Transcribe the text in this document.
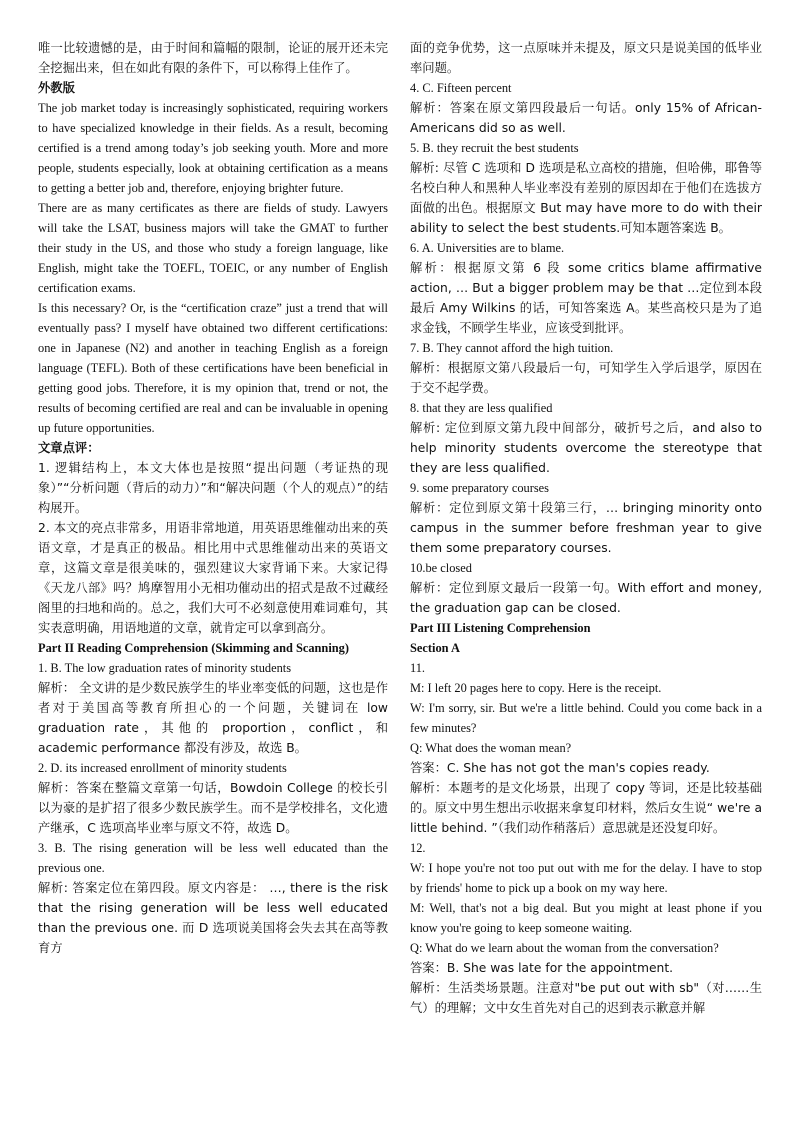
唯一比较遗憾的是，由于时间和篇幅的限制，论证的展开还未完全挖掘出来，但在如此有限的条件下，可以称得上佳作了。

外教版

The job market today is increasingly sophisticated, requiring workers to have specialized knowledge in their fields. As a result, becoming certified is a trend among today’s job seeking youth. More and more people, students especially, look at obtaining certification as a means to getting a better job and, therefore, enjoying brighter future.

There are as many certificates as there are fields of study. Lawyers will take the LSAT, business majors will take the GMAT to further their study in the US, and those who study a foreign language, like English, might take the TOEFL, TOEIC, or any number of English certification exams.

Is this necessary? Or, is the “certification craze” just a trend that will eventually pass? I myself have obtained two different certifications: one in Japanese (N2) and another in teaching English as a foreign language (TEFL). Both of these certifications have been beneficial in getting good jobs. Therefore, it is my opinion that, trend or not, the results of becoming certified are real and can be invaluable in opening up future opportunities.

文章点评：

1. 逻辑结构上，本文大体也是按照“提出问题（考证热的现象）”“分析问题（背后的动力）”和“解决问题（个人的观点）”的结构展开。

2. 本文的亮点非常多，用语非常地道，用英语思维催动出来的英语文章，才是真正的极品。相比用中式思维催动出来的英语文章，这篇文章是很美味的，强烈建议大家背诵下来。大家记得《天龙八部》吗？鸠摩智用小无相功催动出的招式是敌不过藏经阁里的扫地和尚的。总之，我们大可不必刻意使用难词难句，其实表意明确，用语地道的文章，就肯定可以拿到高分。

Part II Reading Comprehension (Skimming and Scanning)

1. B. The low graduation rates of minority students

解析： 全文讲的是少数民族学生的毕业率变低的问题，这也是作者对于美国高等教育所担心的一个问题，关键词在 low graduation rate，其他的 proportion，conflict，和 academic performance 都没有涉及，故选 B。

2. D. its increased enrollment of minority students

解析：答案在整篇文章第一句话，Bowdoin College 的校长引以为豪的是扩招了很多少数民族学生。而不是学校排名，文化遗产继承，C 选项高毕业率与原文不符，故选 D。

3. B. The rising generation will be less well educated than the previous one.

解析: 答案定位在第四段。原文内容是： …, there is the risk that the rising generation will be less well educated than the previous one. 而 D 选项说美国将会失去其在高等教育方

面的竞争优势，这一点原味并未提及，原文只是说美国的低毕业率问题。

4. C. Fifteen percent

解析：答案在原文第四段最后一句话。only 15% of African-Americans did so as well.

5. B. they recruit the best students

解析: 尽管 C 选项和 D 选项是私立高校的措施，但哈佛，耶鲁等名校白种人和黑种人毕业率没有差别的原因却在于他们在选拔方面做的出色。根据原文 But may have more to do with their ability to select the best students.可知本题答案选 B。

6. A. Universities are to blame.

解析：根据原文第 6 段 some critics blame affirmative action, … But a bigger problem may be that …定位到本段最后 Amy Wilkins 的话，可知答案选 A。某些高校只是为了追求金钱，不顾学生毕业，应该受到批评。

7. B. They cannot afford the high tuition.

解析：根据原文第八段最后一句，可知学生入学后退学，原因在于交不起学费。

8. that they are less qualified

解析: 定位到原文第九段中间部分，破折号之后，and also to help minority students overcome the stereotype that they are less qualified.

9. some preparatory courses

解析：定位到原文第十段第三行，… bringing minority onto campus in the summer before freshman year to give them some preparatory courses.

10.be closed

解析：定位到原文最后一段第一句。With effort and money, the graduation gap can be closed.

Part III Listening Comprehension

Section A

11.

M: I left 20 pages here to copy. Here is the receipt.

W: I'm sorry, sir. But we're a little behind. Could you come back in a few minutes?

Q: What does the woman mean?

答案：C. She has not got the man's copies ready.

解析：本题考的是文化场景，出现了 copy 等词，还是比较基础的。原文中男生想出示收据来拿复印材料，然后女生说“ we're a little behind. ”（我们动作稍落后）意思就是还没复印好。

12.

W: I hope you're not too put out with me for the delay. I have to stop by friends' home to pick up a book on my way here.

M: Well, that's not a big deal. But you might at least phone if you know you're going to keep someone waiting.

Q: What do we learn about the woman from the conversation?

答案：B. She was late for the appointment.

解析：生活类场景题。注意对"be put out with sb"（对……生气）的理解；文中女生首先对自己的迟到表示歉意并解
